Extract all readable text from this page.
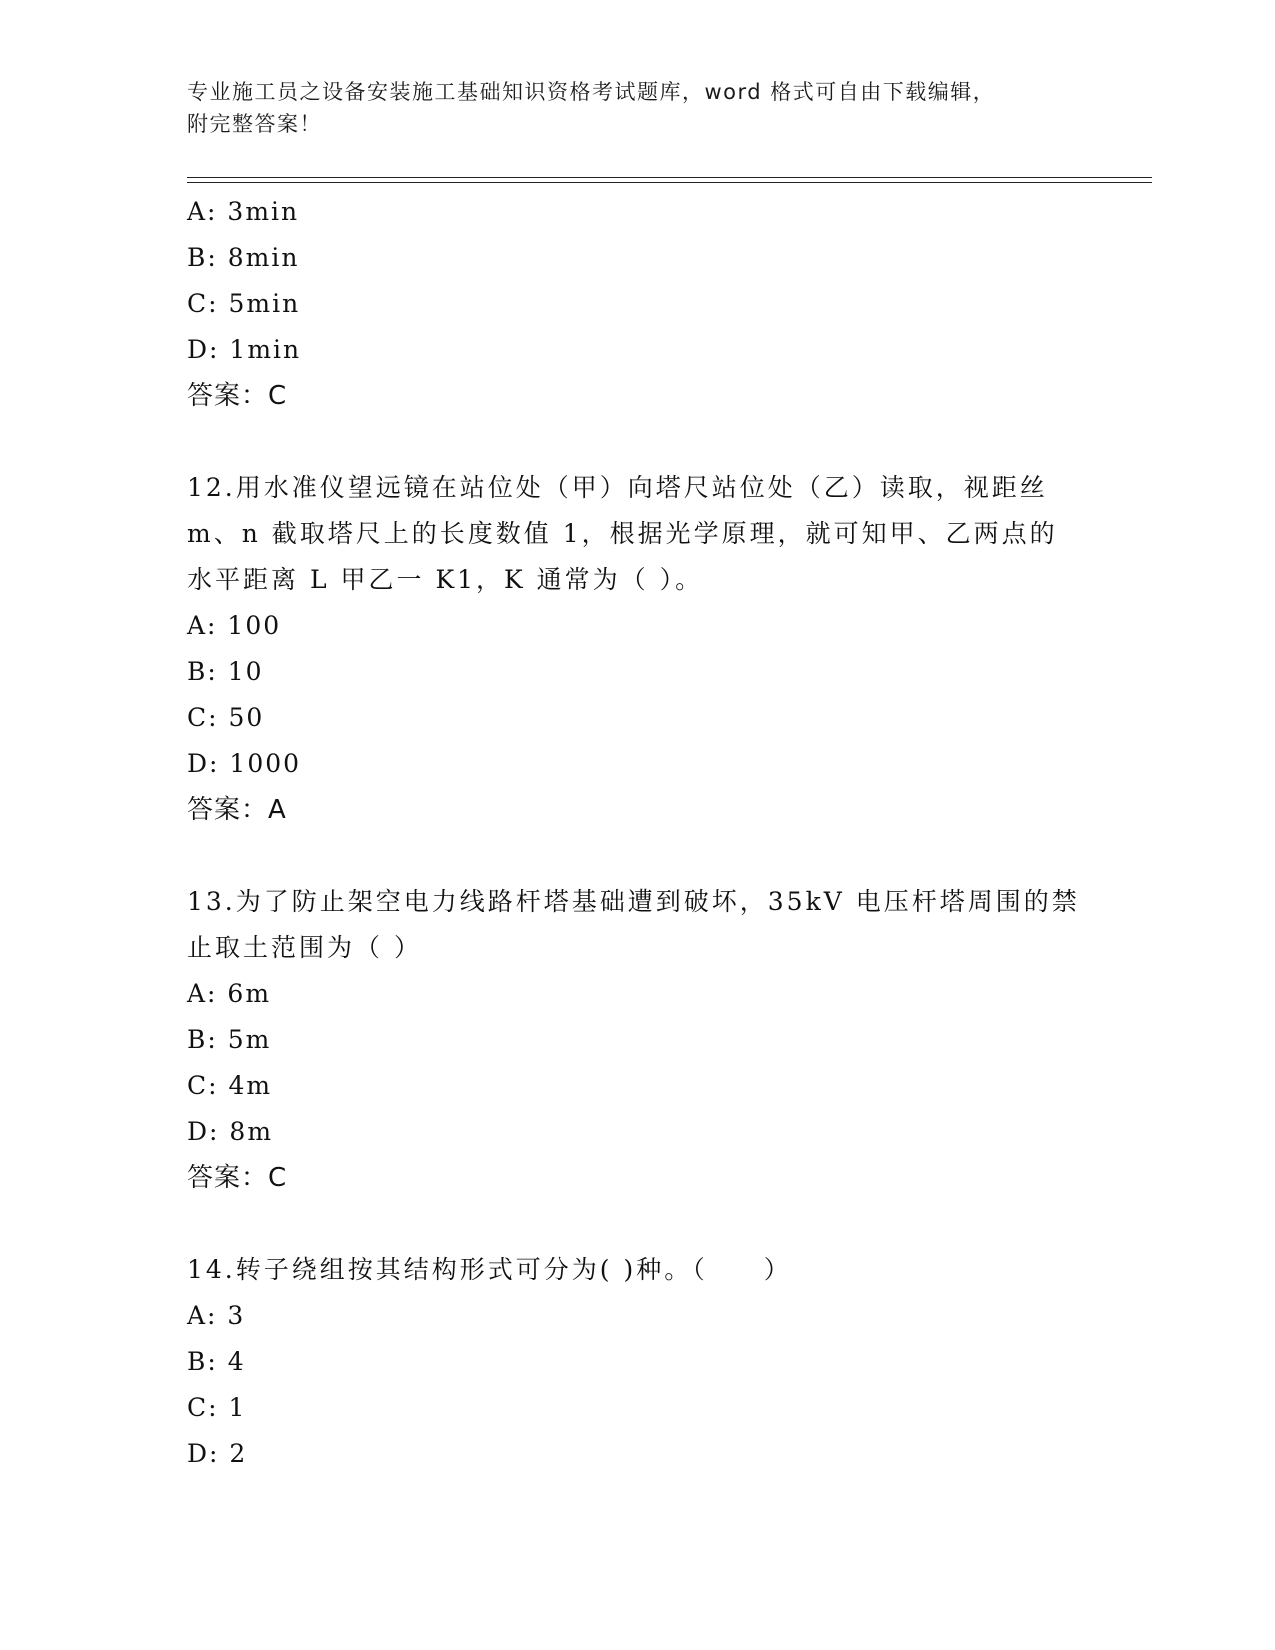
专业施工员之设备安装施工基础知识资格考试题库，word 格式可自由下载编辑，
附完整答案！
A: 3min
B: 8min
C: 5min
D: 1min
答案：C
12.用水准仪望远镜在站位处（甲）向塔尺站位处（乙）读取，视距丝
m、n 截取塔尺上的长度数值 1，根据光学原理，就可知甲、乙两点的
水平距离 L 甲乙一 K1，K 通常为（ ）。
A: 100
B: 10
C: 50
D: 1000
答案：A
13.为了防止架空电力线路杆塔基础遭到破坏，35kV 电压杆塔周围的禁
止取土范围为（ ）
A: 6m
B: 5m
C: 4m
D: 8m
答案：C
14.转子绕组按其结构形式可分为( )种。（　　）
A: 3
B: 4
C: 1
D: 2
